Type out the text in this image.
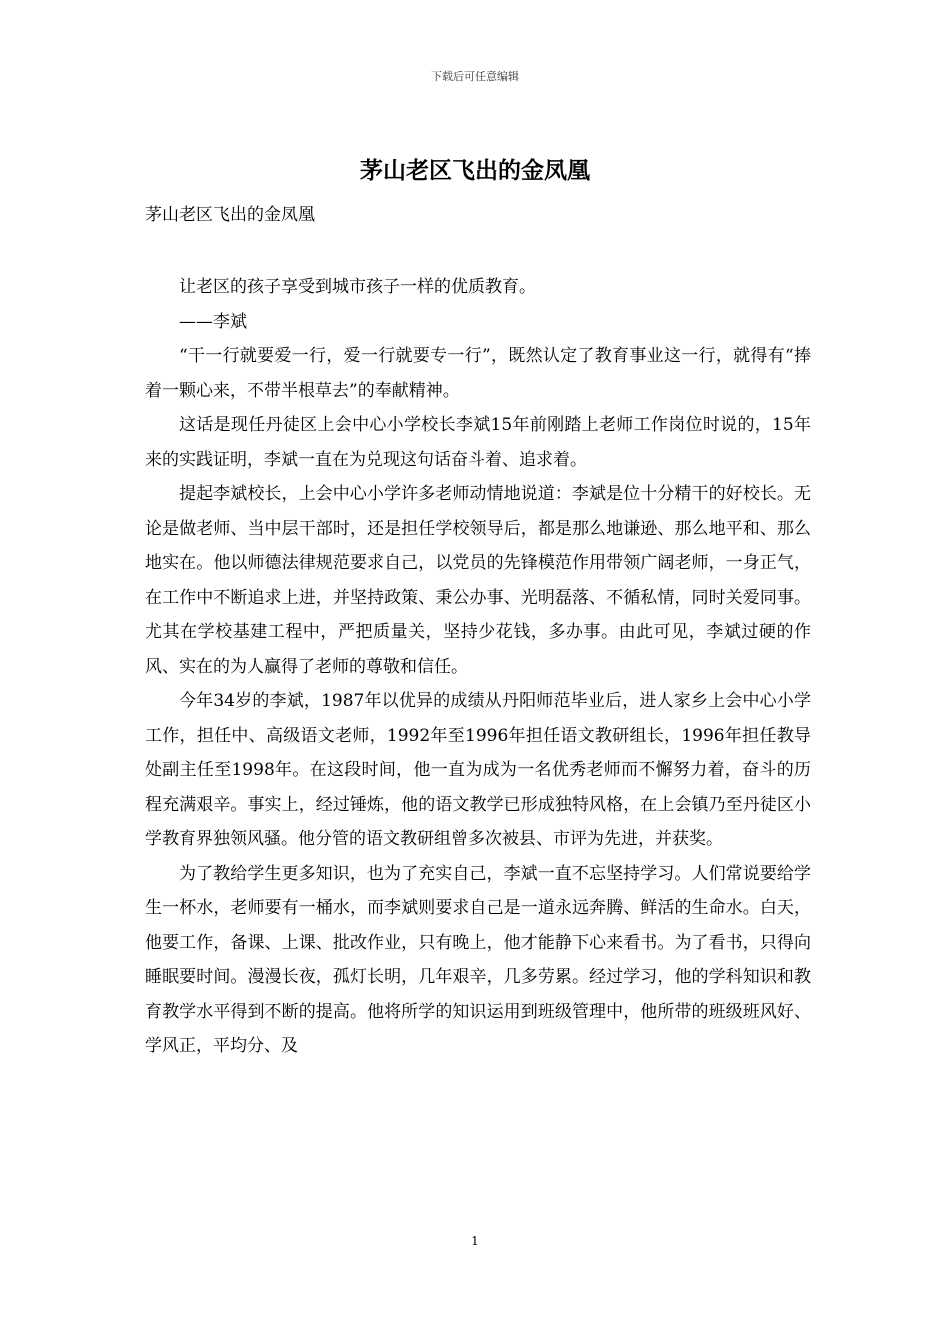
下载后可任意编辑
茅山老区飞出的金凤凰
茅山老区飞出的金凤凰

让老区的孩子享受到城市孩子一样的优质教育。

——李斌

“干一行就要爱一行，爱一行就要专一行”，既然认定了教育事业这一行，就得有“捧着一颗心来，不带半根草去”的奉献精神。

这话是现任丹徒区上会中心小学校长李斌15年前刚踏上老师工作岗位时说的，15年来的实践证明，李斌一直在为兑现这句话奋斗着、追求着。

提起李斌校长，上会中心小学许多老师动情地说道：李斌是位十分精干的好校长。无论是做老师、当中层干部时，还是担任学校领导后，都是那么地谦逊、那么地平和、那么地实在。他以师德法律规范要求自己，以党员的先锋模范作用带领广阔老师，一身正气，在工作中不断追求上进，并坚持政策、秉公办事、光明磊落、不循私情，同时关爱同事。尤其在学校基建工程中，严把质量关，坚持少花钱，多办事。由此可见，李斌过硬的作风、实在的为人赢得了老师的尊敬和信任。

今年34岁的李斌，1987年以优异的成绩从丹阳师范毕业后，进人家乡上会中心小学工作，担任中、高级语文老师，1992年至1996年担任语文教研组长，1996年担任教导处副主任至1998年。在这段时间，他一直为成为一名优秀老师而不懈努力着，奋斗的历程充满艰辛。事实上，经过锤炼，他的语文教学已形成独特风格，在上会镇乃至丹徒区小学教育界独领风骚。他分管的语文教研组曾多次被县、市评为先进，并获奖。

为了教给学生更多知识，也为了充实自己，李斌一直不忘坚持学习。人们常说要给学生一杯水，老师要有一桶水，而李斌则要求自己是一道永远奔腾、鲜活的生命水。白天，他要工作，备课、上课、批改作业，只有晚上，他才能静下心来看书。为了看书，只得向睡眠要时间。漫漫长夜，孤灯长明，几年艰辛，几多劳累。经过学习，他的学科知识和教育教学水平得到不断的提高。他将所学的知识运用到班级管理中，他所带的班级班风好、学风正，平均分、及

1
